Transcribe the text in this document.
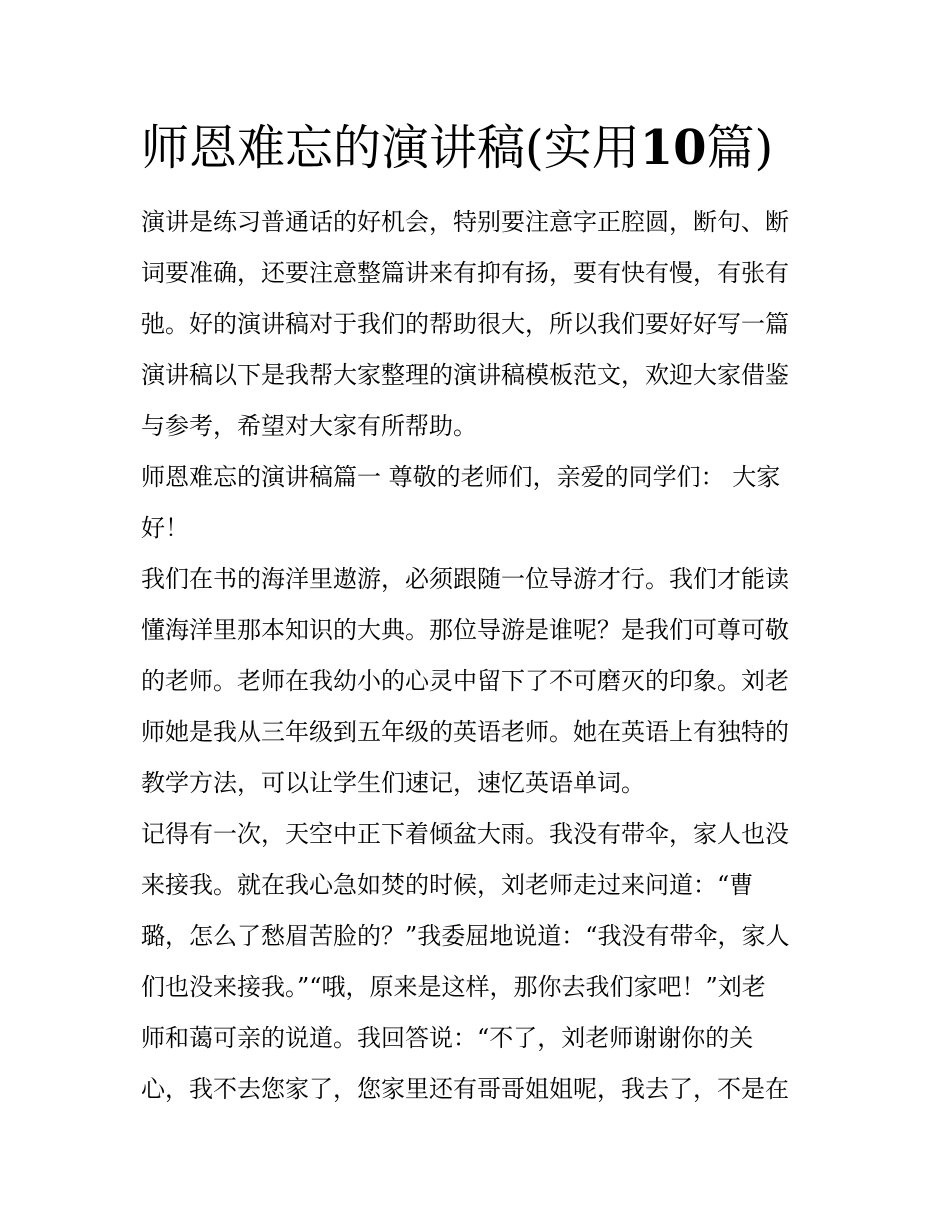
师恩难忘的演讲稿(实用10篇)
演讲是练习普通话的好机会，特别要注意字正腔圆，断句、断
词要准确，还要注意整篇讲来有抑有扬，要有快有慢，有张有
弛。好的演讲稿对于我们的帮助很大，所以我们要好好写一篇
演讲稿以下是我帮大家整理的演讲稿模板范文，欢迎大家借鉴
与参考，希望对大家有所帮助。
师恩难忘的演讲稿篇一 尊敬的老师们，亲爱的同学们： 大家
好！
我们在书的海洋里遨游，必须跟随一位导游才行。我们才能读
懂海洋里那本知识的大典。那位导游是谁呢？是我们可尊可敬
的老师。老师在我幼小的心灵中留下了不可磨灭的印象。刘老
师她是我从三年级到五年级的英语老师。她在英语上有独特的
教学方法，可以让学生们速记，速忆英语单词。
记得有一次，天空中正下着倾盆大雨。我没有带伞，家人也没
来接我。就在我心急如焚的时候，刘老师走过来问道：“曹
璐，怎么了愁眉苦脸的？”我委屈地说道：“我没有带伞，家人
们也没来接我。”“哦，原来是这样，那你去我们家吧！”刘老
师和蔼可亲的说道。我回答说：“不了，刘老师谢谢你的关
心，我不去您家了，您家里还有哥哥姐姐呢，我去了，不是在
